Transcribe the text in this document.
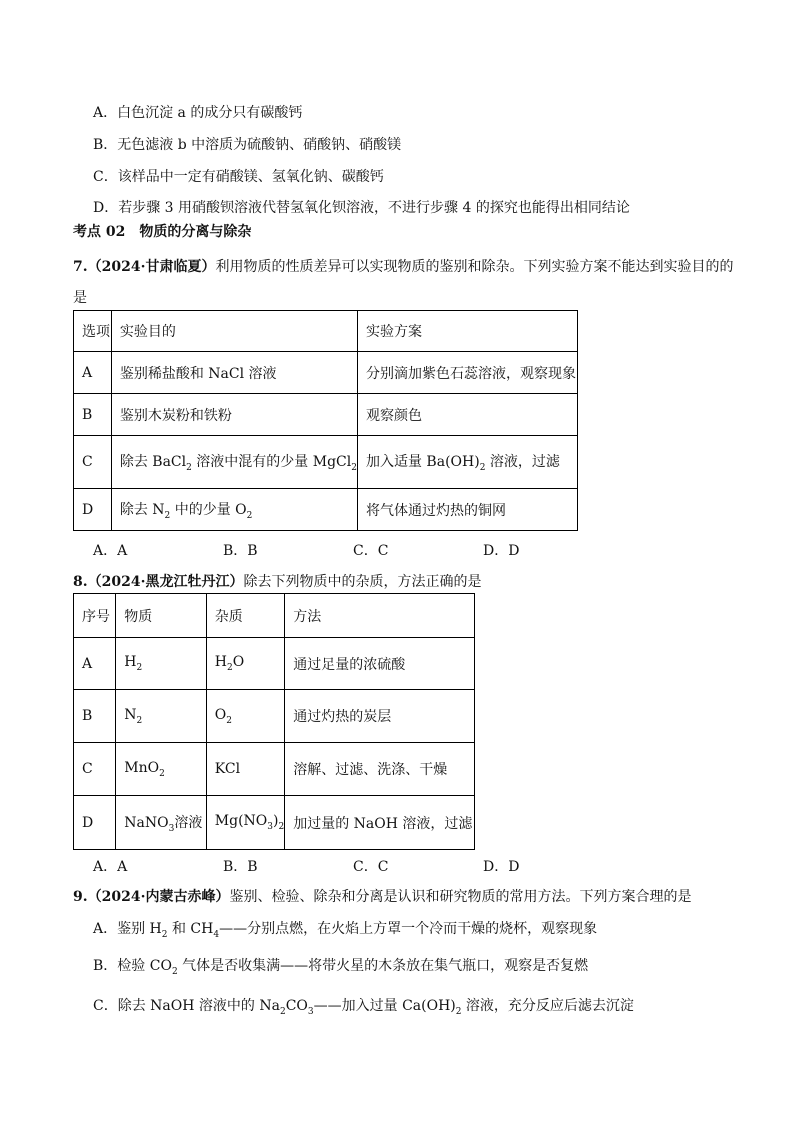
A．白色沉淀 a 的成分只有碳酸钙
B．无色滤液 b 中溶质为硫酸钠、硝酸钠、硝酸镁
C．该样品中一定有硝酸镁、氢氧化钠、碳酸钙
D．若步骤 3 用硝酸钡溶液代替氢氧化钡溶液，不进行步骤 4 的探究也能得出相同结论
考点 02　物质的分离与除杂
7.（2024·甘肃临夏）利用物质的性质差异可以实现物质的鉴别和除杂。下列实验方案不能达到实验目的的
是
选项	实验目的	实验方案
A	鉴别稀盐酸和 NaCl 溶液	分别滴加紫色石蕊溶液，观察现象
B	鉴别木炭粉和铁粉	观察颜色
C	除去 BaCl$_2$ 溶液中混有的少量 MgCl$_2$	加入适量 $Ba(OH)_2$ 溶液，过滤
D	除去 $N_2$ 中的少量 $O_2$	将气体通过灼热的铜网
A．A	B．B	C．C	D．D
8.（2024·黑龙江牡丹江）除去下列物质中的杂质，方法正确的是
序号	物质	杂质	方法
A	$H_2$	$H_2O$	通过足量的浓硫酸
B	$N_2$	$O_2$	通过灼热的炭层
C	MnO$_2$	KCl	溶解、过滤、洗涤、干燥
D	NaNO$_3$溶液	$Mg(NO_3)_2$	加过量的 NaOH 溶液，过滤
A．A	B．B	C．C	D．D
9.（2024·内蒙古赤峰）鉴别、检验、除杂和分离是认识和研究物质的常用方法。下列方案合理的是
A．鉴别 $H_2$ 和 $CH_4——$分别点燃，在火焰上方罩一个冷而干燥的烧杯，观察现象
B．检验 $CO_2$ 气体是否收集满——将带火星的木条放在集气瓶口，观察是否复燃
C．除去 NaOH 溶液中的 $Na_2CO_3——$加入过量 $Ca(OH)_2$ 溶液，充分反应后滤去沉淀
